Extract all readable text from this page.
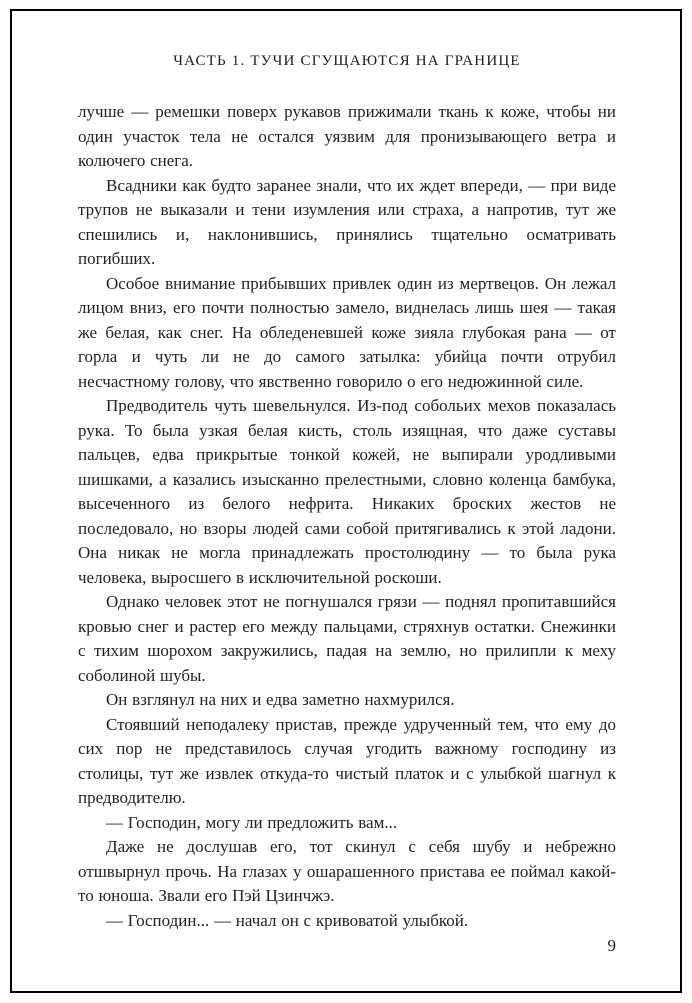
ЧАСТЬ 1. ТУЧИ СГУЩАЮТСЯ НА ГРАНИЦЕ

лучше — ремешки поверх рукавов прижимали ткань к коже, чтобы ни один участок тела не остался уязвим для пронизывающего ветра и колючего снега.

Всадники как будто заранее знали, что их ждет впереди, — при виде трупов не выказали и тени изумления или страха, а напротив, тут же спешились и, наклонившись, принялись тщательно осматривать погибших.

Особое внимание прибывших привлек один из мертвецов. Он лежал лицом вниз, его почти полностью замело, виднелась лишь шея — такая же белая, как снег. На обледеневшей коже зияла глубокая рана — от горла и чуть ли не до самого затылка: убийца почти отрубил несчастному голову, что явственно говорило о его недюжинной силе.

Предводитель чуть шевельнулся. Из-под собольих мехов показалась рука. То была узкая белая кисть, столь изящная, что даже суставы пальцев, едва прикрытые тонкой кожей, не выпирали уродливыми шишками, а казались изысканно прелестными, словно коленца бамбука, высеченного из белого нефрита. Никаких броских жестов не последовало, но взоры людей сами собой притягивались к этой ладони. Она никак не могла принадлежать простолюдину — то была рука человека, выросшего в исключительной роскоши.

Однако человек этот не погнушался грязи — поднял пропитавшийся кровью снег и растер его между пальцами, стряхнув остатки. Снежинки с тихим шорохом закружились, падая на землю, но прилипли к меху соболиной шубы.

Он взглянул на них и едва заметно нахмурился.

Стоявший неподалеку пристав, прежде удрученный тем, что ему до сих пор не представилось случая угодить важному господину из столицы, тут же извлек откуда-то чистый платок и с улыбкой шагнул к предводителю.

— Господин, могу ли предложить вам...

Даже не дослушав его, тот скинул с себя шубу и небрежно отшвырнул прочь. На глазах у ошарашенного пристава ее поймал какой-то юноша. Звали его Пэй Цзинчжэ.

— Господин... — начал он с кривоватой улыбкой.

9
